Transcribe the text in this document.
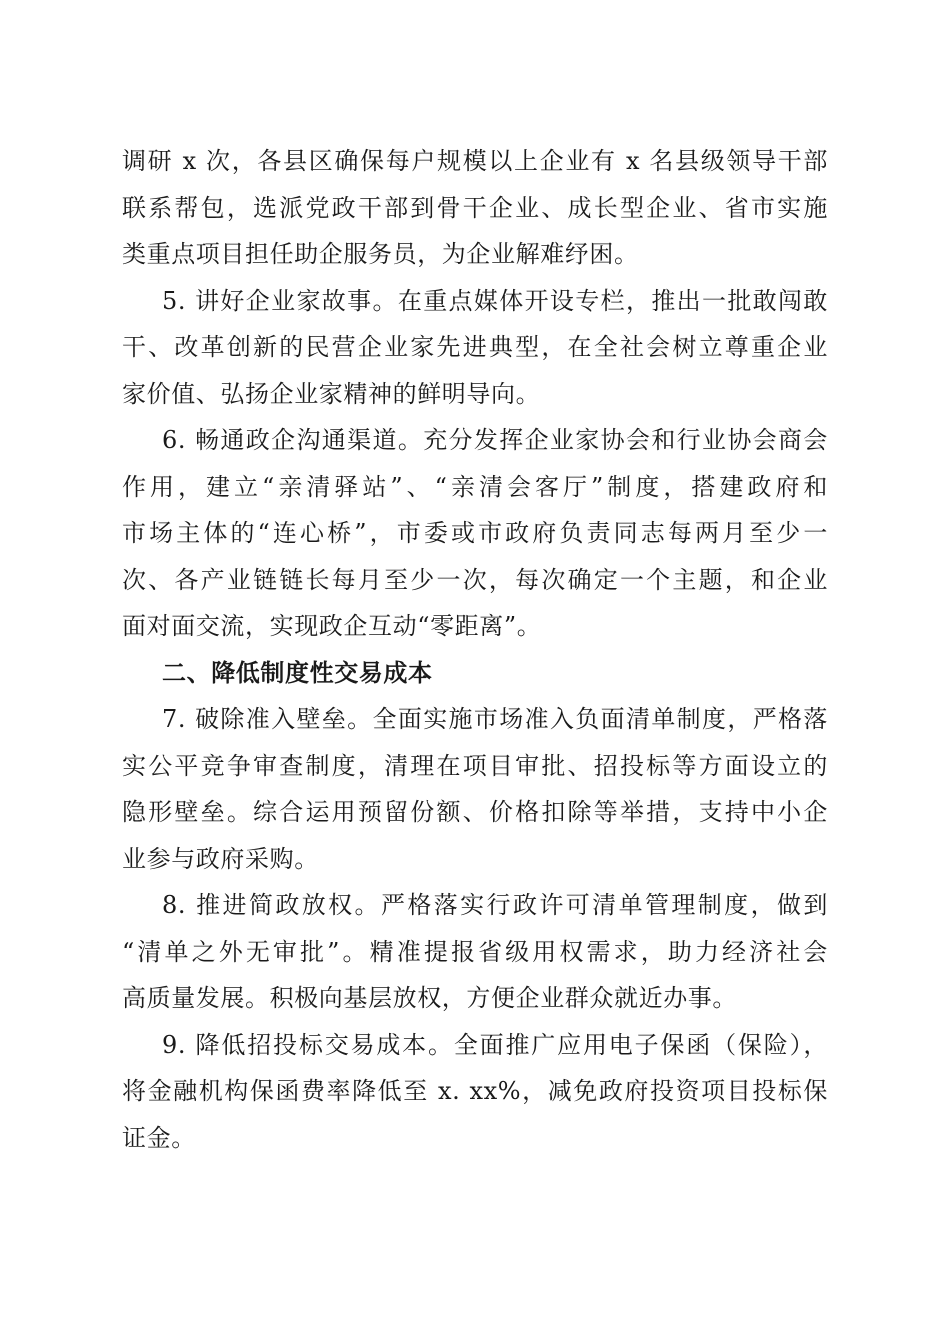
调研 x 次，各县区确保每户规模以上企业有 x 名县级领导干部
联系帮包，选派党政干部到骨干企业、成长型企业、省市实施
类重点项目担任助企服务员，为企业解难纾困。
5. 讲好企业家故事。在重点媒体开设专栏，推出一批敢闯敢
干、改革创新的民营企业家先进典型，在全社会树立尊重企业
家价值、弘扬企业家精神的鲜明导向。
6. 畅通政企沟通渠道。充分发挥企业家协会和行业协会商会
作用，建立“亲清驿站”、“亲清会客厅”制度，搭建政府和
市场主体的“连心桥”，市委或市政府负责同志每两月至少一
次、各产业链链长每月至少一次，每次确定一个主题，和企业
面对面交流，实现政企互动“零距离”。
二、降低制度性交易成本
7. 破除准入壁垒。全面实施市场准入负面清单制度，严格落
实公平竞争审查制度，清理在项目审批、招投标等方面设立的
隐形壁垒。综合运用预留份额、价格扣除等举措，支持中小企
业参与政府采购。
8. 推进简政放权。严格落实行政许可清单管理制度，做到
“清单之外无审批”。精准提报省级用权需求，助力经济社会
高质量发展。积极向基层放权，方便企业群众就近办事。
9. 降低招投标交易成本。全面推广应用电子保函（保险），
将金融机构保函费率降低至 x. xx%，减免政府投资项目投标保
证金。
